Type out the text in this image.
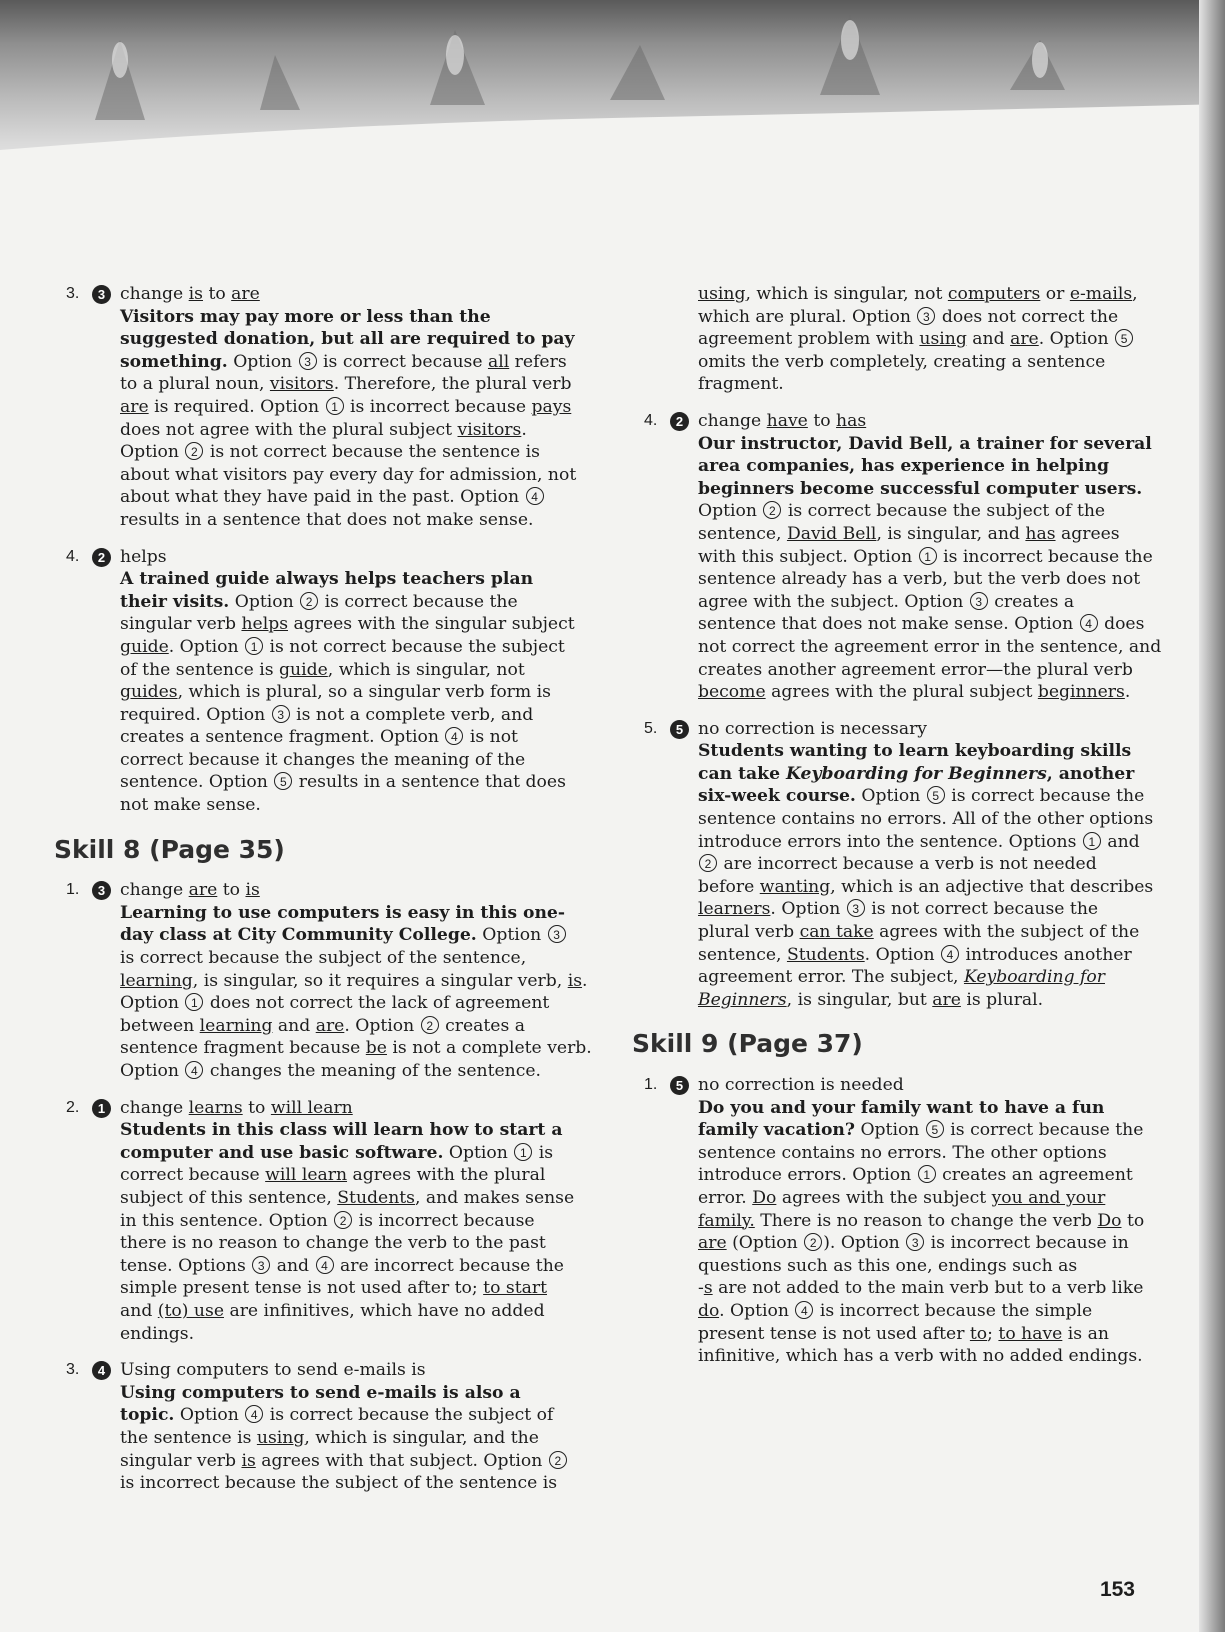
3.	3 change is to are
Visitors may pay more or less than the
suggested donation, but all are required to pay
something. Option 3 is correct because all refers
to a plural noun, visitors. Therefore, the plural verb
are is required. Option 1 is incorrect because pays
does not agree with the plural subject visitors.
Option 2 is not correct because the sentence is
about what visitors pay every day for admission, not
about what they have paid in the past. Option 4
results in a sentence that does not make sense.
4.	2 helps
A trained guide always helps teachers plan
their visits. Option 2 is correct because the
singular verb helps agrees with the singular subject
guide. Option 1 is not correct because the subject
of the sentence is guide, which is singular, not
guides, which is plural, so a singular verb form is
required. Option 3 is not a complete verb, and
creates a sentence fragment. Option 4 is not
correct because it changes the meaning of the
sentence. Option 5 results in a sentence that does
not make sense.
Skill 8 (Page 35)
1.	3 change are to is
Learning to use computers is easy in this one-
day class at City Community College. Option 3
is correct because the subject of the sentence,
learning, is singular, so it requires a singular verb, is.
Option 1 does not correct the lack of agreement
between learning and are. Option 2 creates a
sentence fragment because be is not a complete verb.
Option 4 changes the meaning of the sentence.
2.	1 change learns to will learn
Students in this class will learn how to start a
computer and use basic software. Option 1 is
correct because will learn agrees with the plural
subject of this sentence, Students, and makes sense
in this sentence. Option 2 is incorrect because
there is no reason to change the verb to the past
tense. Options 3 and 4 are incorrect because the
simple present tense is not used after to; to start
and (to) use are infinitives, which have no added
endings.
3.	4 Using computers to send e-mails is
Using computers to send e-mails is also a
topic. Option 4 is correct because the subject of
the sentence is using, which is singular, and the
singular verb is agrees with that subject. Option 2
is incorrect because the subject of the sentence is
using, which is singular, not computers or e-mails,
which are plural. Option 3 does not correct the
agreement problem with using and are. Option 5
omits the verb completely, creating a sentence
fragment.
4.	2 change have to has
Our instructor, David Bell, a trainer for several
area companies, has experience in helping
beginners become successful computer users.
Option 2 is correct because the subject of the
sentence, David Bell, is singular, and has agrees
with this subject. Option 1 is incorrect because the
sentence already has a verb, but the verb does not
agree with the subject. Option 3 creates a
sentence that does not make sense. Option 4 does
not correct the agreement error in the sentence, and
creates another agreement error—the plural verb
become agrees with the plural subject beginners.
5.	5 no correction is necessary
Students wanting to learn keyboarding skills
can take Keyboarding for Beginners, another
six-week course. Option 5 is correct because the
sentence contains no errors. All of the other options
introduce errors into the sentence. Options 1 and
2 are incorrect because a verb is not needed
before wanting, which is an adjective that describes
learners. Option 3 is not correct because the
plural verb can take agrees with the subject of the
sentence, Students. Option 4 introduces another
agreement error. The subject, Keyboarding for
Beginners, is singular, but are is plural.
Skill 9 (Page 37)
1.	5 no correction is needed
Do you and your family want to have a fun
family vacation? Option 5 is correct because the
sentence contains no errors. The other options
introduce errors. Option 1 creates an agreement
error. Do agrees with the subject you and your
family. There is no reason to change the verb Do to
are (Option 2 ). Option 3 is incorrect because in
questions such as this one, endings such as
-s are not added to the main verb but to a verb like
do. Option 4 is incorrect because the simple
present tense is not used after to; to have is an
infinitive, which has a verb with no added endings.
153
